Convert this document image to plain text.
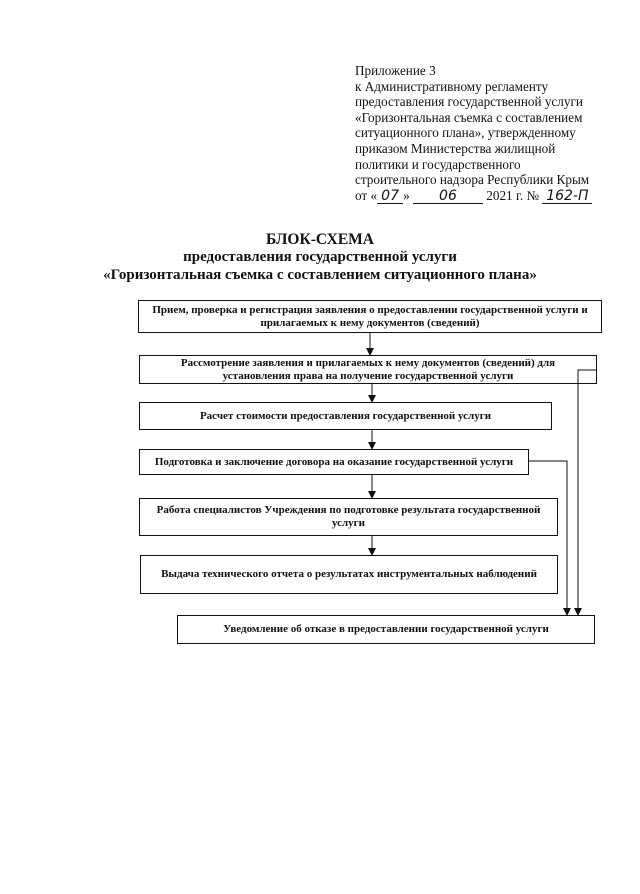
Приложение 3
к Административному регламенту
предоставления государственной услуги
«Горизонтальная съемка с составлением
ситуационного плана», утвержденному
приказом Министерства жилищной
политики и государственного
строительного надзора Республики Крым
от « 07 » 06 2021 г. № 162-П
БЛОК-СХЕМА
предоставления государственной услуги
«Горизонтальная съемка с составлением ситуационного плана»
Прием, проверка и регистрация заявления о предоставлении государственной услуги и прилагаемых к нему документов (сведений)
Рассмотрение заявления и прилагаемых к нему документов (сведений) для установления права на получение государственной услуги
Расчет стоимости предоставления государственной услуги
Подготовка и заключение договора на оказание государственной услуги
Работа специалистов Учреждения по подготовке результата государственной услуги
Выдача технического отчета о результатах инструментальных наблюдений
Уведомление об отказе в предоставлении государственной услуги
